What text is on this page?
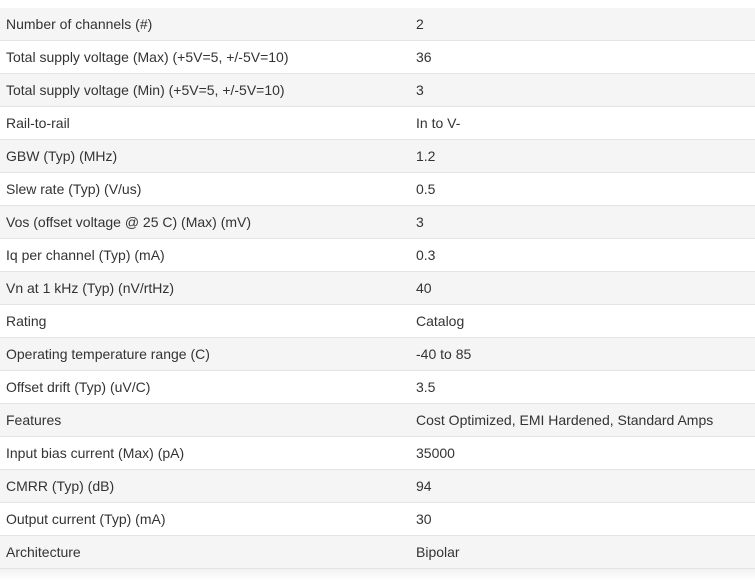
Number of channels (#)	2
Total supply voltage (Max) (+5V=5, +/-5V=10)	36
Total supply voltage (Min) (+5V=5, +/-5V=10)	3
Rail-to-rail	In to V-
GBW (Typ) (MHz)	1.2
Slew rate (Typ) (V/us)	0.5
Vos (offset voltage @ 25 C) (Max) (mV)	3
Iq per channel (Typ) (mA)	0.3
Vn at 1 kHz (Typ) (nV/rtHz)	40
Rating	Catalog
Operating temperature range (C)	-40 to 85
Offset drift (Typ) (uV/C)	3.5
Features	Cost Optimized, EMI Hardened, Standard Amps
Input bias current (Max) (pA)	35000
CMRR (Typ) (dB)	94
Output current (Typ) (mA)	30
Architecture	Bipolar
